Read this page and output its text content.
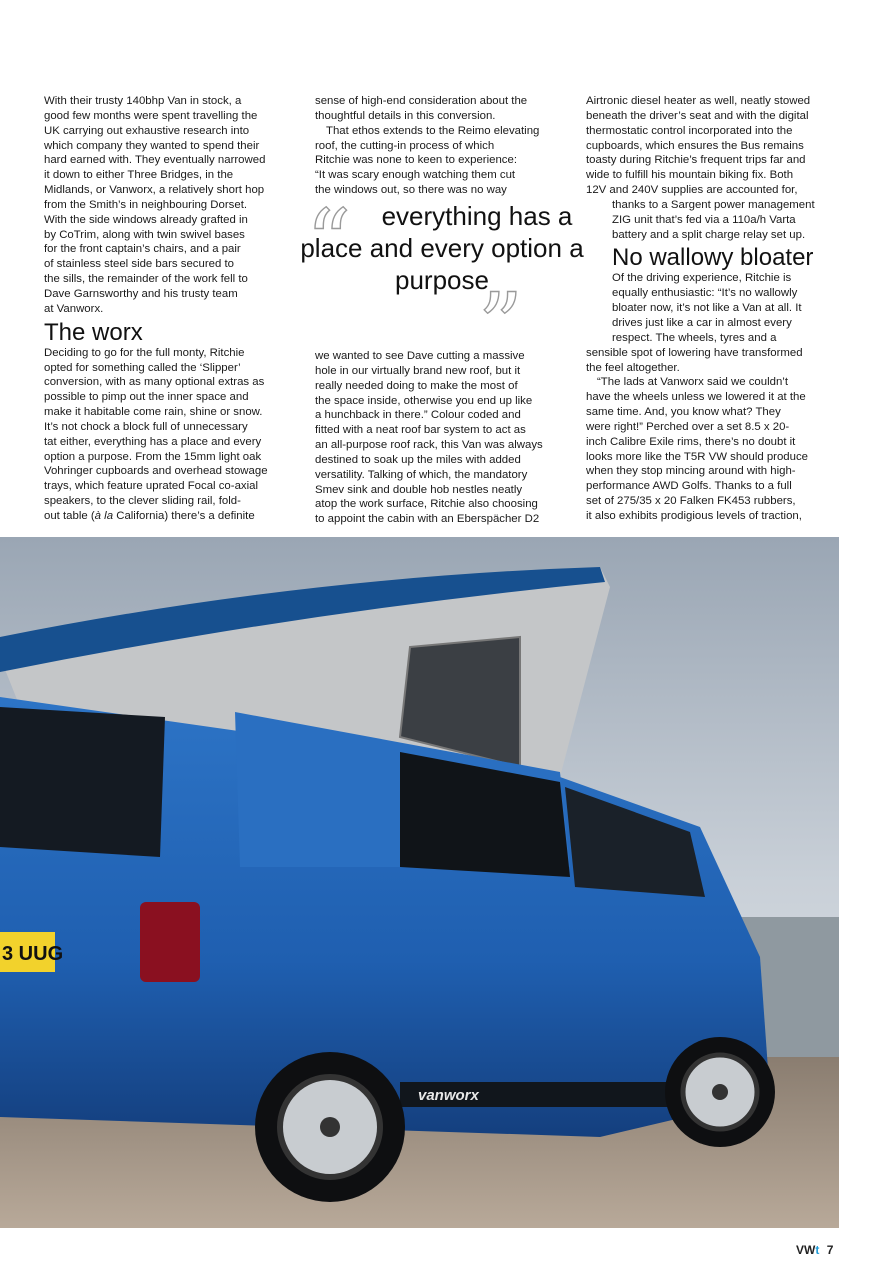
With their trusty 140bhp Van in stock, a
good few months were spent travelling the
UK carrying out exhaustive research into
which company they wanted to spend their
hard earned with. They eventually narrowed
it down to either Three Bridges, in the
Midlands, or Vanworx, a relatively short hop
from the Smith’s in neighbouring Dorset.
With the side windows already grafted in
by CoTrim, along with twin swivel bases
for the front captain’s chairs, and a pair
of stainless steel side bars secured to
the sills, the remainder of the work fell to
Dave Garnsworthy and his trusty team
at Vanworx.

The worx

Deciding to go for the full monty, Ritchie
opted for something called the ‘Slipper’
conversion, with as many optional extras as
possible to pimp out the inner space and
make it habitable come rain, shine or snow.
It’s not chock a block full of unnecessary
tat either, everything has a place and every
option a purpose. From the 15mm light oak
Vohringer cupboards and overhead stowage
trays, which feature uprated Focal co-axial
speakers, to the clever sliding rail, fold-
out table (à la California) there’s a definite

sense of high-end consideration about the
thoughtful details in this conversion.

That ethos extends to the Reimo elevating
roof, the cutting-in process of which
Ritchie was none to keen to experience:
“It was scary enough watching them cut
the windows out, so there was no way

“
”
everything has a place and every option a purpose

we wanted to see Dave cutting a massive
hole in our virtually brand new roof, but it
really needed doing to make the most of
the space inside, otherwise you end up like
a hunchback in there.” Colour coded and
fitted with a neat roof bar system to act as
an all-purpose roof rack, this Van was always
destined to soak up the miles with added
versatility. Talking of which, the mandatory
Smev sink and double hob nestles neatly
atop the work surface, Ritchie also choosing
to appoint the cabin with an Eberspächer D2

Airtronic diesel heater as well, neatly stowed
beneath the driver’s seat and with the digital
thermostatic control incorporated into the
cupboards, which ensures the Bus remains
toasty during Ritchie’s frequent trips far and
wide to fulfill his mountain biking fix. Both
12V and 240V supplies are accounted for,

thanks to a Sargent power management
ZIG unit that’s fed via a 110a/h Varta
battery and a split charge relay set up.

No wallowy bloater

Of the driving experience, Ritchie is
equally enthusiastic: “It’s no wallowly
bloater now, it’s not like a Van at all. It
drives just like a car in almost every
respect. The wheels, tyres and a

sensible spot of lowering have transformed
the feel altogether.

“The lads at Vanworx said we couldn’t
have the wheels unless we lowered it at the
same time. And, you know what? They
were right!” Perched over a set 8.5 x 20-
inch Calibre Exile rims, there’s no doubt it
looks more like the T5R VW should produce
when they stop mincing around with high-
performance AWD Golfs. Thanks to a full
set of 275/35 x 20 Falken FK453 rubbers,
it also exhibits prodigious levels of traction,

3 UUG
vanworx
VWt 7
